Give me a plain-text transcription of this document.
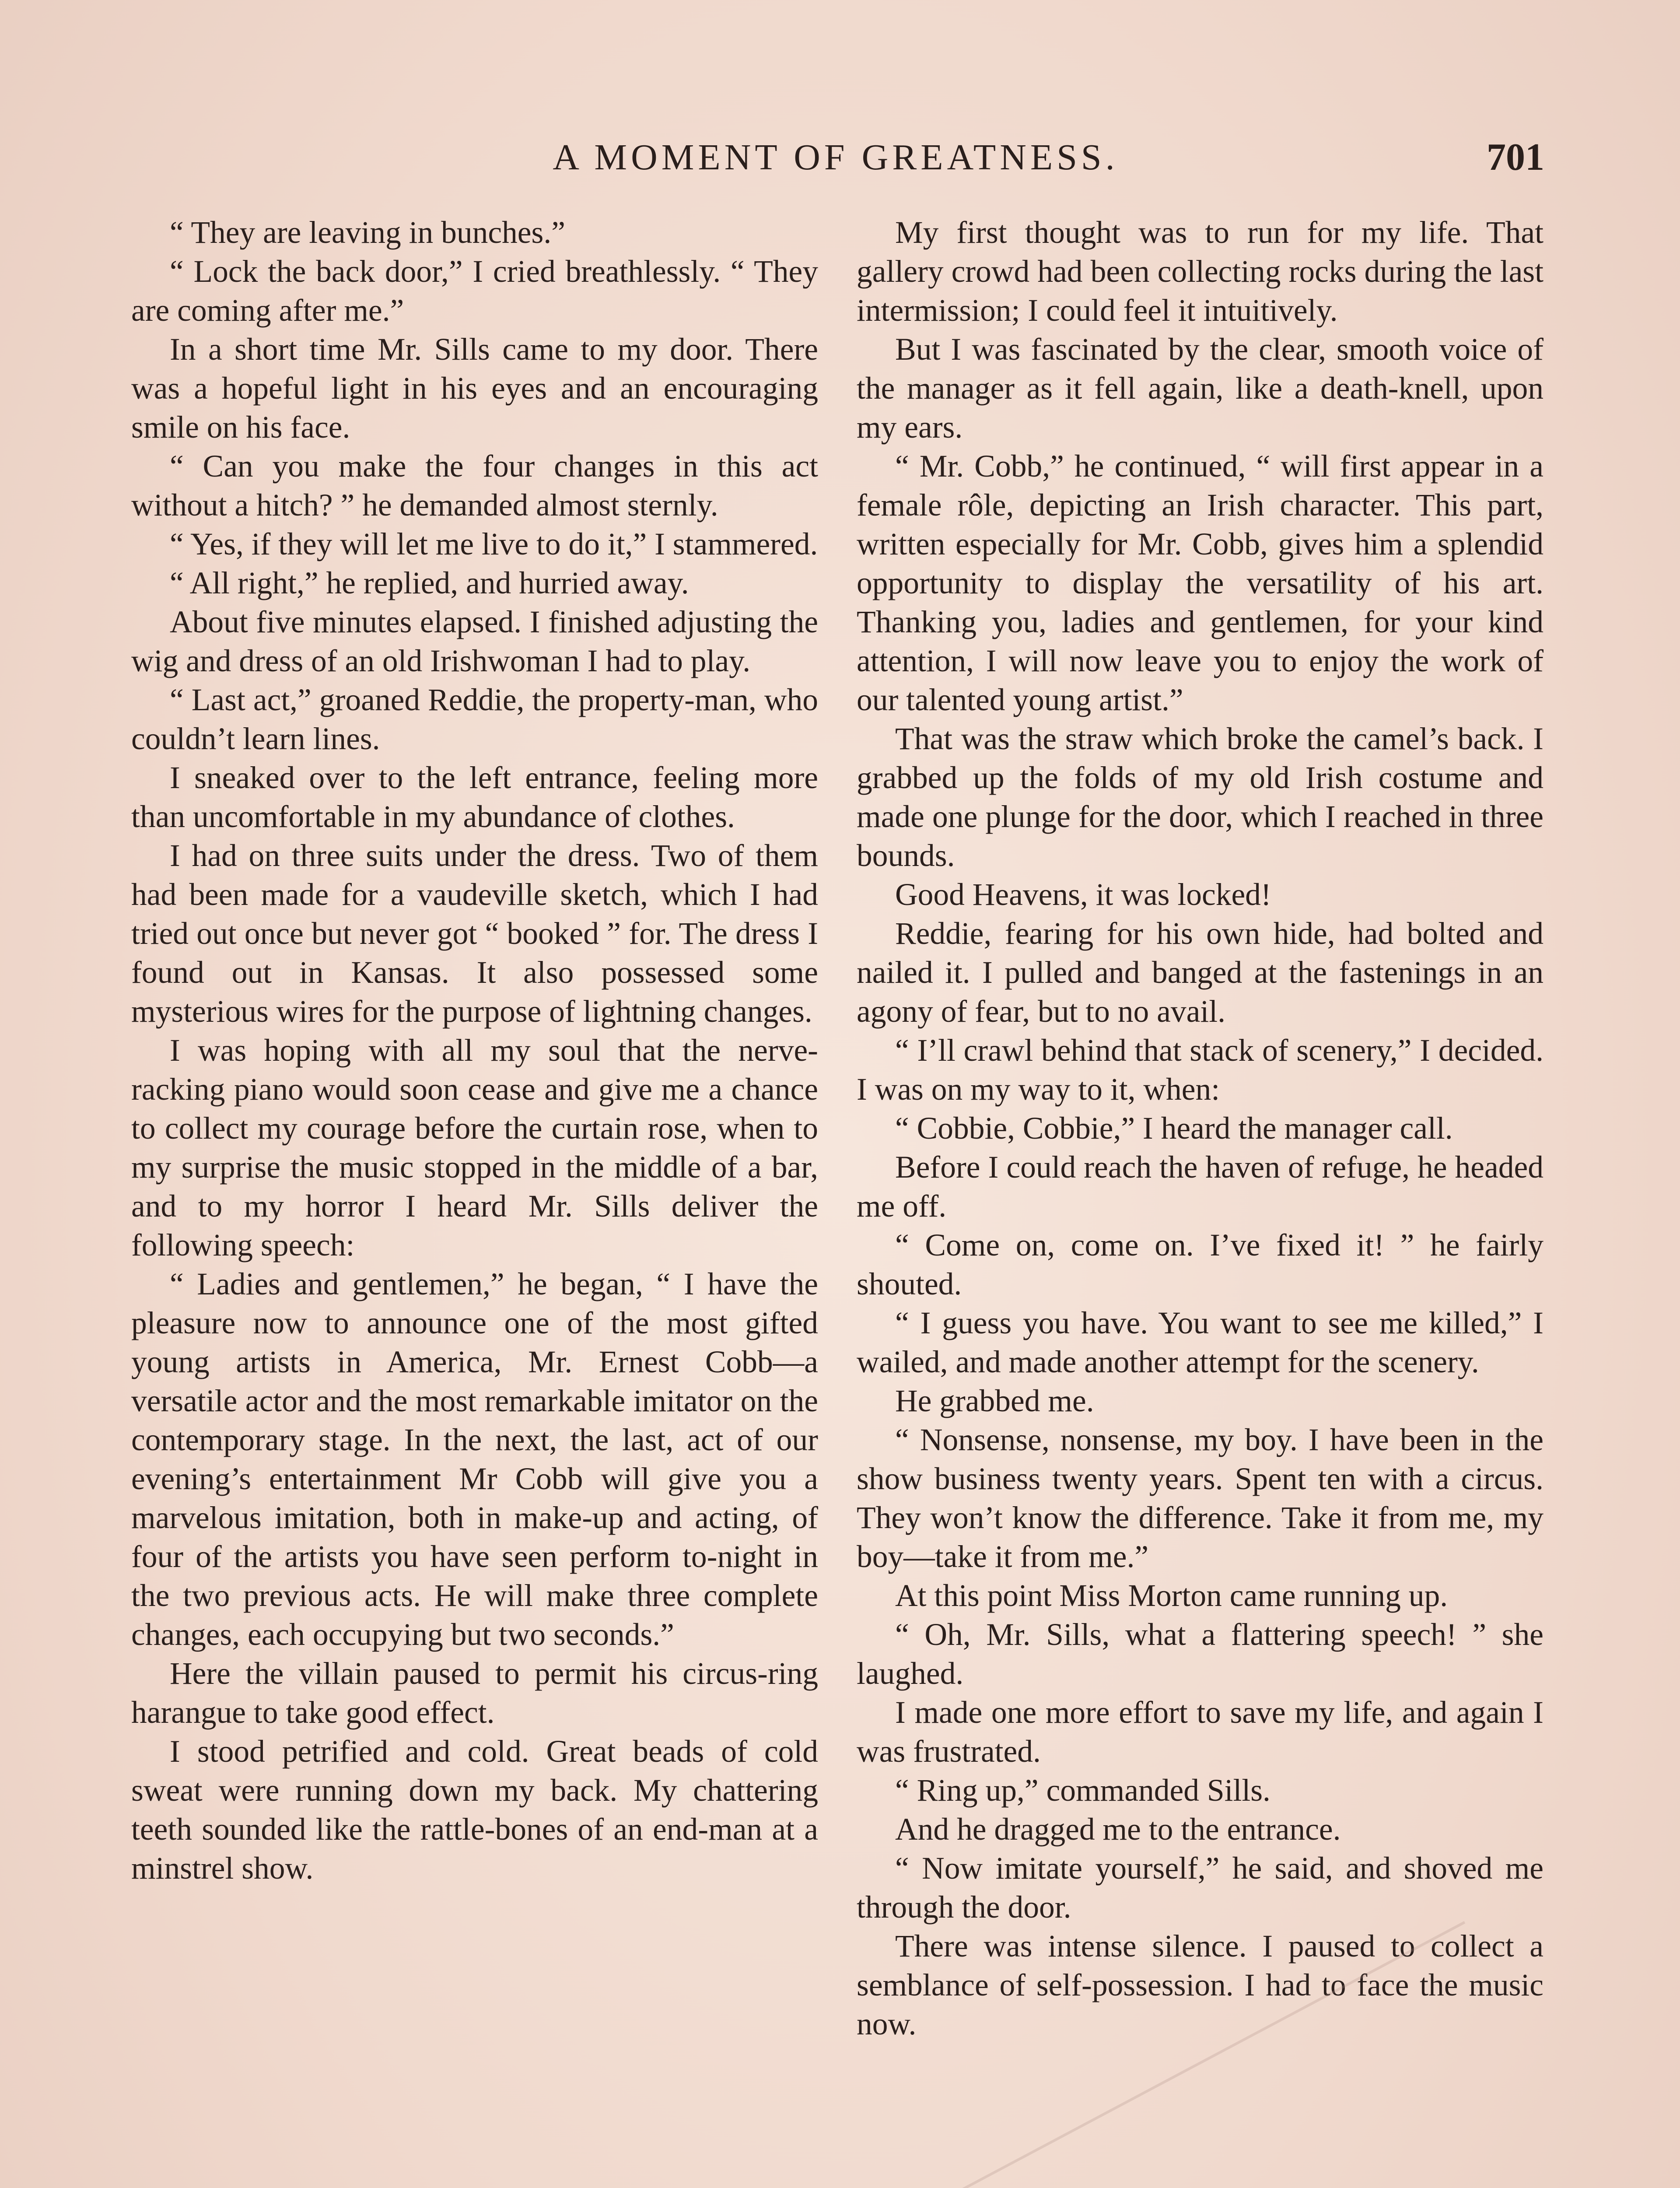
A MOMENT OF GREATNESS.	701

“ They are leaving in bunches.”

“ Lock the back door,” I cried breathlessly. “ They are coming after me.”

In a short time Mr. Sills came to my door. There was a hopeful light in his eyes and an encouraging smile on his face.

“ Can you make the four changes in this act without a hitch? ” he demanded almost sternly.

“ Yes, if they will let me live to do it,” I stammered.

“ All right,” he replied, and hurried away.

About five minutes elapsed. I finished adjusting the wig and dress of an old Irishwoman I had to play.

“ Last act,” groaned Reddie, the property-man, who couldn’t learn lines.

I sneaked over to the left entrance, feeling more than uncomfortable in my abundance of clothes.

I had on three suits under the dress. Two of them had been made for a vaudeville sketch, which I had tried out once but never got “ booked ” for. The dress I found out in Kansas. It also possessed some mysterious wires for the purpose of lightning changes.

I was hoping with all my soul that the nerve-racking piano would soon cease and give me a chance to collect my courage before the curtain rose, when to my surprise the music stopped in the middle of a bar, and to my horror I heard Mr. Sills deliver the following speech:

“ Ladies and gentlemen,” he began, “ I have the pleasure now to announce one of the most gifted young artists in America, Mr. Ernest Cobb—a versatile actor and the most remarkable imitator on the contemporary stage. In the next, the last, act of our evening’s entertainment Mr Cobb will give you a marvelous imitation, both in make-up and acting, of four of the artists you have seen perform to-night in the two previous acts. He will make three complete changes, each occupying but two seconds.”

Here the villain paused to permit his circus-ring harangue to take good effect.

I stood petrified and cold. Great beads of cold sweat were running down my back. My chattering teeth sounded like the rattle-bones of an end-man at a minstrel show.

My first thought was to run for my life. That gallery crowd had been collecting rocks during the last intermission; I could feel it intuitively.

But I was fascinated by the clear, smooth voice of the manager as it fell again, like a death-knell, upon my ears.

“ Mr. Cobb,” he continued, “ will first appear in a female rôle, depicting an Irish character. This part, written especially for Mr. Cobb, gives him a splendid opportunity to display the versatility of his art. Thanking you, ladies and gentlemen, for your kind attention, I will now leave you to enjoy the work of our talented young artist.”

That was the straw which broke the camel’s back. I grabbed up the folds of my old Irish costume and made one plunge for the door, which I reached in three bounds.

Good Heavens, it was locked!

Reddie, fearing for his own hide, had bolted and nailed it. I pulled and banged at the fastenings in an agony of fear, but to no avail.

“ I’ll crawl behind that stack of scenery,” I decided. I was on my way to it, when:

“ Cobbie, Cobbie,” I heard the manager call.

Before I could reach the haven of refuge, he headed me off.

“ Come on, come on. I’ve fixed it! ” he fairly shouted.

“ I guess you have. You want to see me killed,” I wailed, and made another attempt for the scenery.

He grabbed me.

“ Nonsense, nonsense, my boy. I have been in the show business twenty years. Spent ten with a circus. They won’t know the difference. Take it from me, my boy—take it from me.”

At this point Miss Morton came running up.

“ Oh, Mr. Sills, what a flattering speech! ” she laughed.

I made one more effort to save my life, and again I was frustrated.

“ Ring up,” commanded Sills.

And he dragged me to the entrance.

“ Now imitate yourself,” he said, and shoved me through the door.

There was intense silence. I paused to collect a semblance of self-possession. I had to face the music now.
